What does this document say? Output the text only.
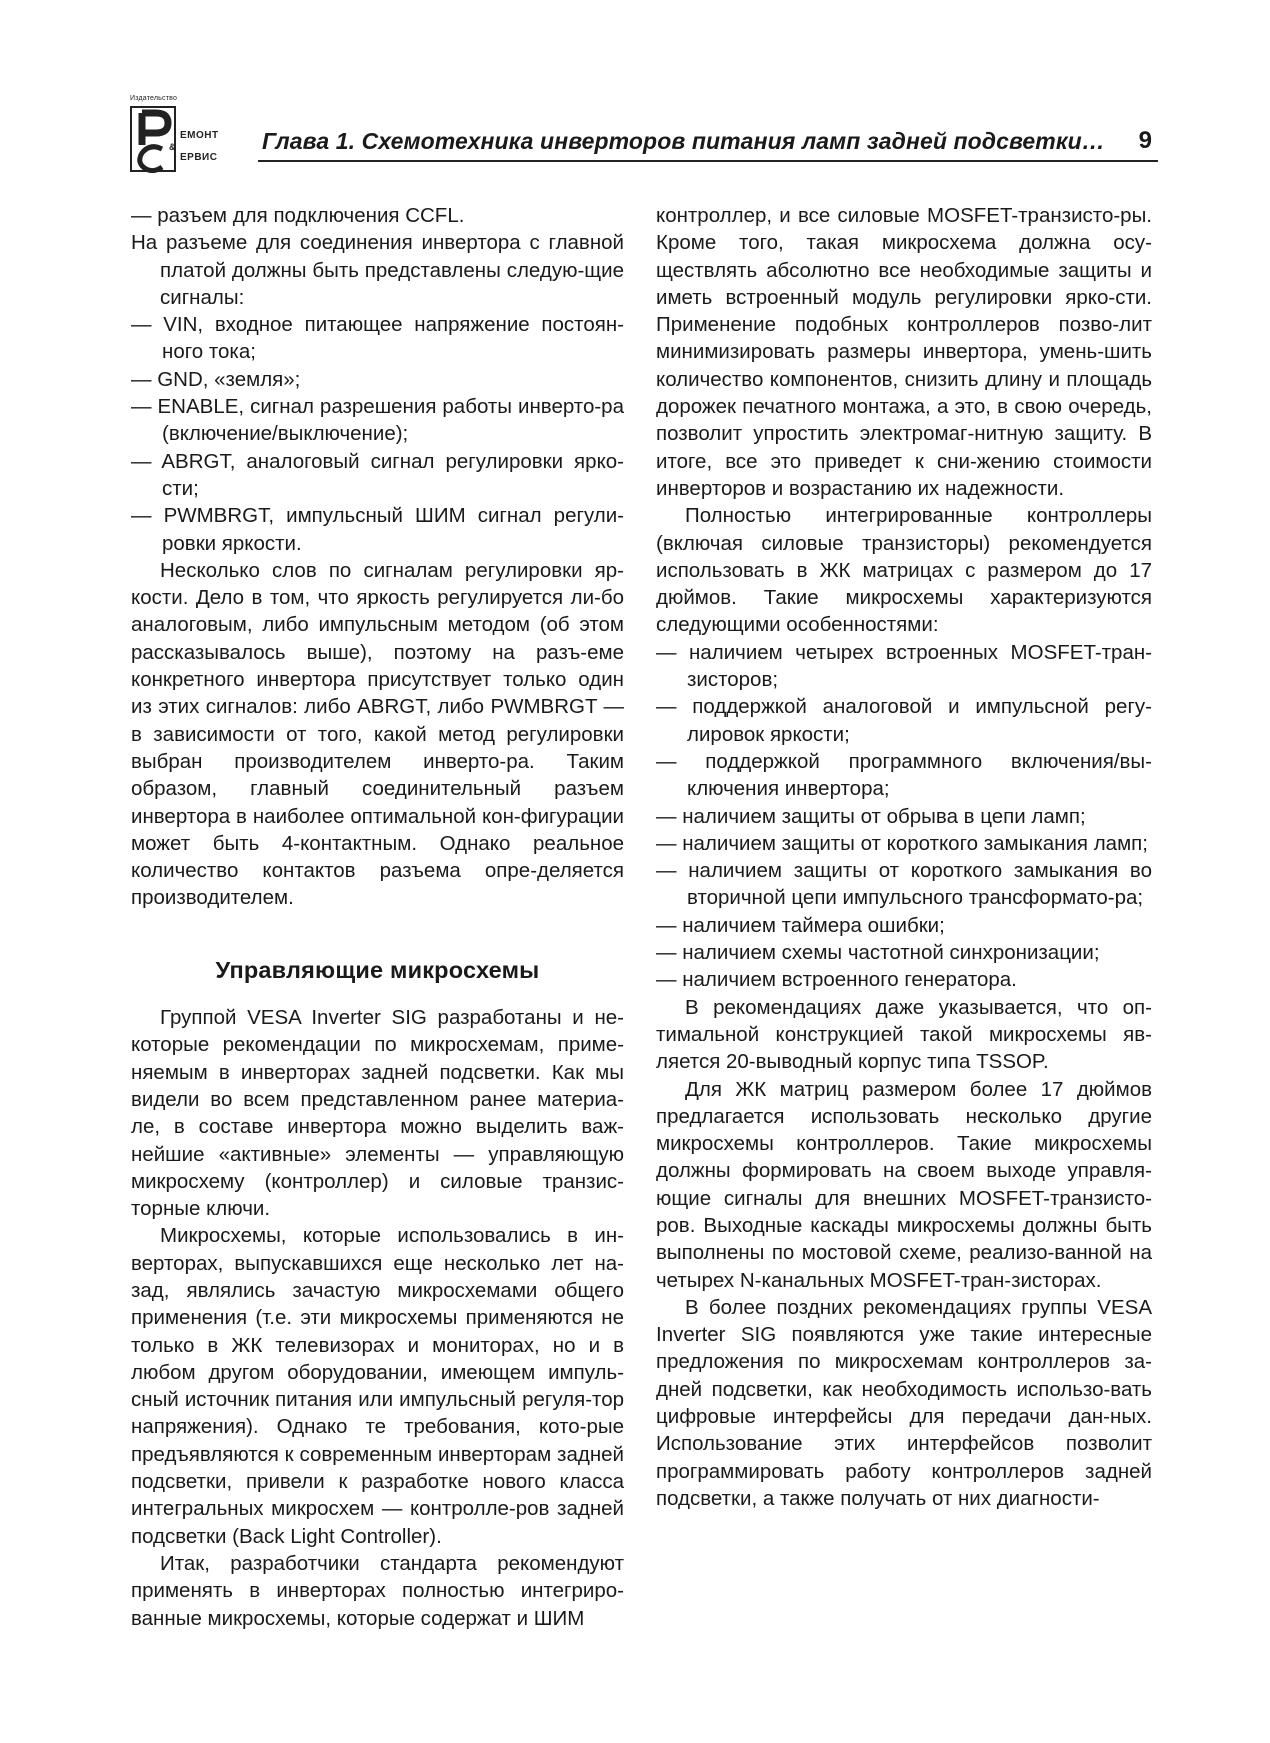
Издательство
ЕМОНТ
&
ЕРВИС
Глава 1. Схемотехника инверторов питания ламп задней подсветки… 9

— разъем для подключения CCFL.

На разъеме для соединения инвертора с главной платой должны быть представлены следую-щие сигналы:

— VIN, входное питающее напряжение постоян-ного тока;

— GND, «земля»;

— ENABLE, сигнал разрешения работы инверто-ра (включение/выключение);

— ABRGT, аналоговый сигнал регулировки ярко-сти;

— PWMBRGT, импульсный ШИМ сигнал регули-ровки яркости.

Несколько слов по сигналам регулировки яр-кости. Дело в том, что яркость регулируется ли-бо аналоговым, либо импульсным методом (об этом рассказывалось выше), поэтому на разъ-еме конкретного инвертора присутствует только один из этих сигналов: либо ABRGT, либо PWMBRGT — в зависимости от того, какой метод регулировки выбран производителем инверто-ра. Таким образом, главный соединительный разъем инвертора в наиболее оптимальной кон-фигурации может быть 4-контактным. Однако реальное количество контактов разъема опре-деляется производителем.

Управляющие микросхемы

Группой VESA Inverter SIG разработаны и не-которые рекомендации по микросхемам, приме-няемым в инверторах задней подсветки. Как мы видели во всем представленном ранее материа-ле, в составе инвертора можно выделить важ-нейшие «активные» элементы — управляющую микросхему (контроллер) и силовые транзис-торные ключи.

Микросхемы, которые использовались в ин-верторах, выпускавшихся еще несколько лет на-зад, являлись зачастую микросхемами общего применения (т.е. эти микросхемы применяются не только в ЖК телевизорах и мониторах, но и в любом другом оборудовании, имеющем импуль-сный источник питания или импульсный регуля-тор напряжения). Однако те требования, кото-рые предъявляются к современным инверторам задней подсветки, привели к разработке нового класса интегральных микросхем — контролле-ров задней подсветки (Back Light Controller).

Итак, разработчики стандарта рекомендуют применять в инверторах полностью интегриро-ванные микросхемы, которые содержат и ШИМ

контроллер, и все силовые MOSFET-транзисто-ры. Кроме того, такая микросхема должна осу-ществлять абсолютно все необходимые защиты и иметь встроенный модуль регулировки ярко-сти. Применение подобных контроллеров позво-лит минимизировать размеры инвертора, умень-шить количество компонентов, снизить длину и площадь дорожек печатного монтажа, а это, в свою очередь, позволит упростить электромаг-нитную защиту. В итоге, все это приведет к сни-жению стоимости инверторов и возрастанию их надежности.

Полностью интегрированные контроллеры (включая силовые транзисторы) рекомендуется использовать в ЖК матрицах с размером до 17 дюймов. Такие микросхемы характеризуются следующими особенностями:

— наличием четырех встроенных MOSFET-тран-зисторов;

— поддержкой аналоговой и импульсной регу-лировок яркости;

— поддержкой программного включения/вы-ключения инвертора;

— наличием защиты от обрыва в цепи ламп;

— наличием защиты от короткого замыкания ламп;

— наличием защиты от короткого замыкания во вторичной цепи импульсного трансформато-ра;

— наличием таймера ошибки;

— наличием схемы частотной синхронизации;

— наличием встроенного генератора.

В рекомендациях даже указывается, что оп-тимальной конструкцией такой микросхемы яв-ляется 20-выводный корпус типа TSSOP.

Для ЖК матриц размером более 17 дюймов предлагается использовать несколько другие микросхемы контроллеров. Такие микросхемы должны формировать на своем выходе управля-ющие сигналы для внешних MOSFET-транзисто-ров. Выходные каскады микросхемы должны быть выполнены по мостовой схеме, реализо-ванной на четырех N-канальных MOSFET-тран-зисторах.

В более поздних рекомендациях группы VESA Inverter SIG появляются уже такие интересные предложения по микросхемам контроллеров за-дней подсветки, как необходимость использо-вать цифровые интерфейсы для передачи дан-ных. Использование этих интерфейсов позволит программировать работу контроллеров задней подсветки, а также получать от них диагности-
